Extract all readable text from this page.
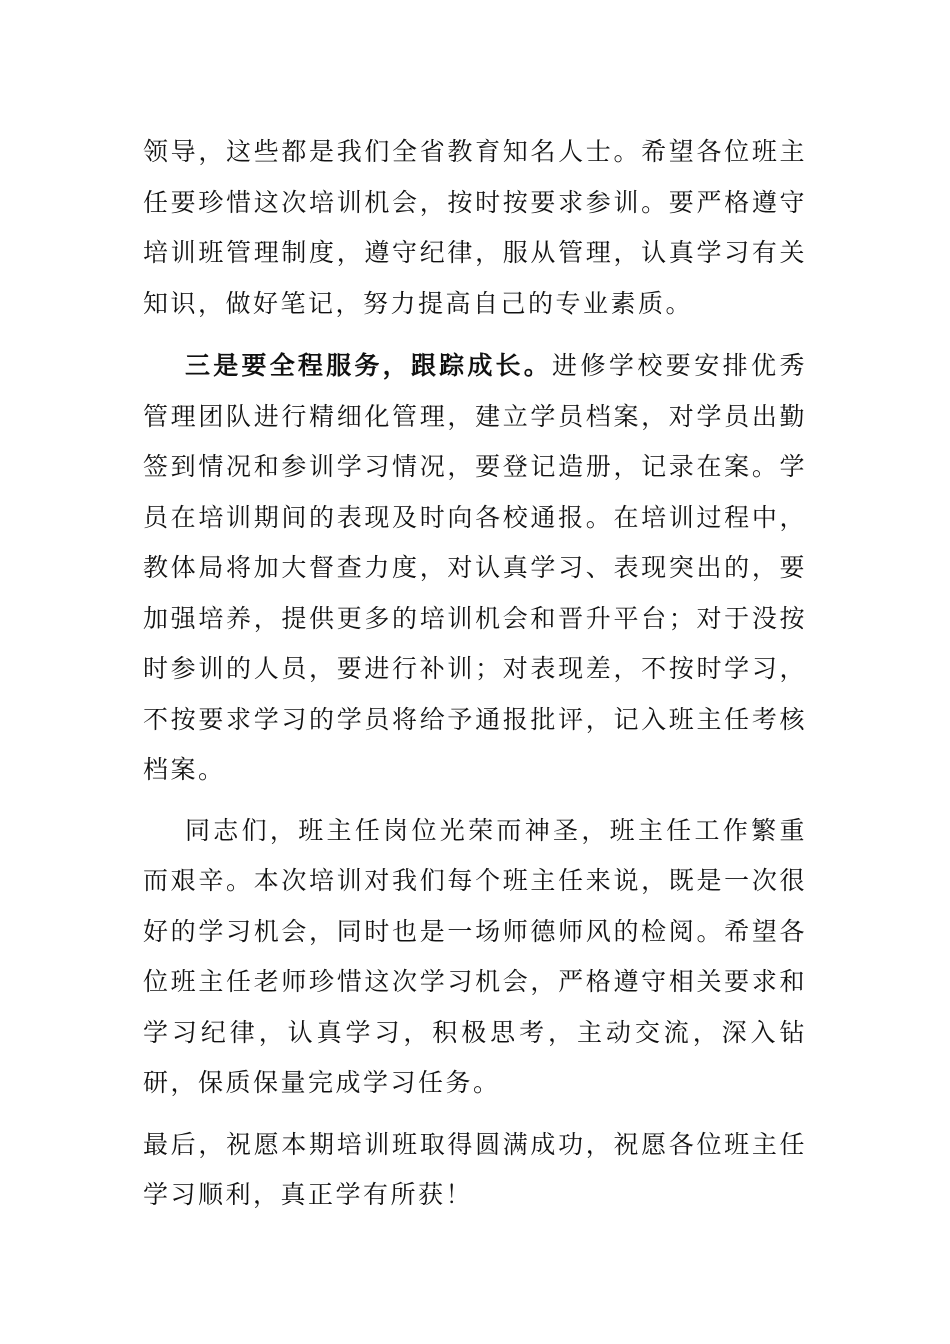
领导，这些都是我们全省教育知名人士。希望各位班主任要珍惜这次培训机会，按时按要求参训。要严格遵守培训班管理制度，遵守纪律，服从管理，认真学习有关知识，做好笔记，努力提高自己的专业素质。

三是要全程服务，跟踪成长。进修学校要安排优秀管理团队进行精细化管理，建立学员档案，对学员出勤签到情况和参训学习情况，要登记造册，记录在案。学员在培训期间的表现及时向各校通报。在培训过程中，教体局将加大督查力度，对认真学习、表现突出的，要加强培养，提供更多的培训机会和晋升平台；对于没按时参训的人员，要进行补训；对表现差，不按时学习，不按要求学习的学员将给予通报批评，记入班主任考核档案。

同志们，班主任岗位光荣而神圣，班主任工作繁重而艰辛。本次培训对我们每个班主任来说，既是一次很好的学习机会，同时也是一场师德师风的检阅。希望各位班主任老师珍惜这次学习机会，严格遵守相关要求和学习纪律，认真学习，积极思考，主动交流，深入钻研，保质保量完成学习任务。

最后，祝愿本期培训班取得圆满成功，祝愿各位班主任学习顺利，真正学有所获！
